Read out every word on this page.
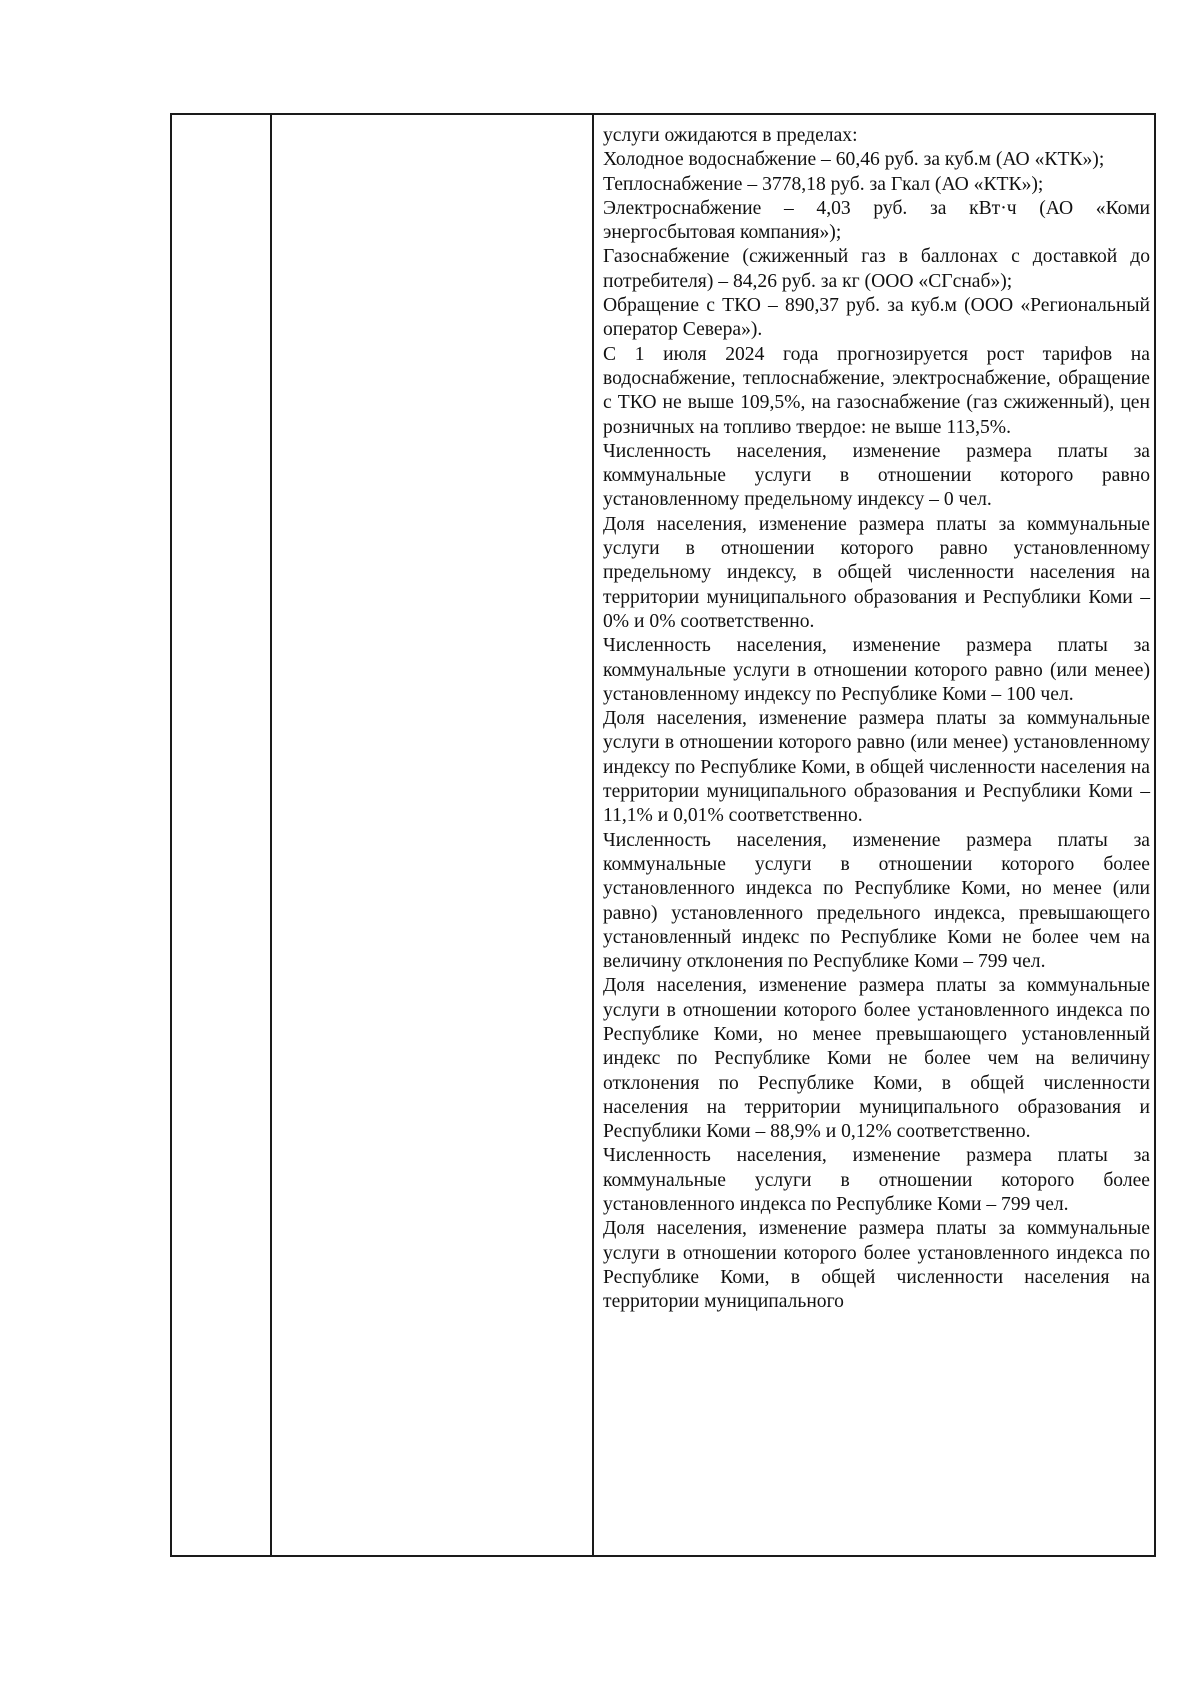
услуги ожидаются в пределах:

Холодное водоснабжение – 60,46 руб. за куб.м (АО «КТК»);

Теплоснабжение – 3778,18 руб. за Гкал (АО «КТК»);

Электроснабжение – 4,03 руб. за кВт·ч (АО «Коми энергосбытовая компания»);

Газоснабжение (сжиженный газ в баллонах с доставкой до потребителя) – 84,26 руб. за кг (ООО «СГснаб»);

Обращение с ТКО – 890,37 руб. за куб.м (ООО «Региональный оператор Севера»).

С 1 июля 2024 года прогнозируется рост тарифов на водоснабжение, теплоснабжение, электроснабжение, обращение с ТКО не выше 109,5%, на газоснабжение (газ сжиженный), цен розничных на топливо твердое: не выше 113,5%.

Численность населения, изменение размера платы за коммунальные услуги в отношении которого равно установленному предельному индексу – 0 чел.

Доля населения, изменение размера платы за коммунальные услуги в отношении которого равно установленному предельному индексу, в общей численности населения на территории муниципального образования и Республики Коми – 0% и 0% соответственно.

Численность населения, изменение размера платы за коммунальные услуги в отношении которого равно (или менее) установленному индексу по Республике Коми – 100 чел.

Доля населения, изменение размера платы за коммунальные услуги в отношении которого равно (или менее) установленному индексу по Республике Коми, в общей численности населения на территории муниципального образования и Республики Коми – 11,1% и 0,01% соответственно.

Численность населения, изменение размера платы за коммунальные услуги в отношении которого более установленного индекса по Республике Коми, но менее (или равно) установленного предельного индекса, превышающего установленный индекс по Республике Коми не более чем на величину отклонения по Республике Коми – 799 чел.

Доля населения, изменение размера платы за коммунальные услуги в отношении которого более установленного индекса по Республике Коми, но менее превышающего установленный индекс по Республике Коми не более чем на величину отклонения по Республике Коми, в общей численности населения на территории муниципального образования и Республики Коми – 88,9% и 0,12% соответственно.

Численность населения, изменение размера платы за коммунальные услуги в отношении которого более установленного индекса по Республике Коми – 799 чел.

Доля населения, изменение размера платы за коммунальные услуги в отношении которого более установленного индекса по Республике Коми, в общей численности населения на территории муниципального
